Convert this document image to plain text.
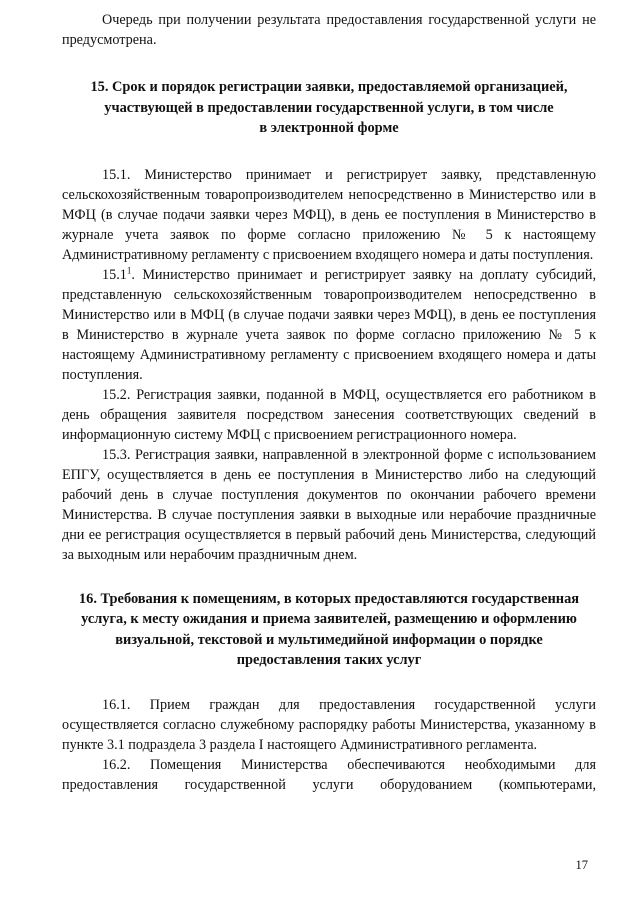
Очередь при получении результата предоставления государственной услуги не предусмотрена.

15. Срок и порядок регистрации заявки, предоставляемой организацией,
участвующей в предоставлении государственной услуги, в том числе
в электронной форме

15.1. Министерство принимает и регистрирует заявку, представленную сельскохозяйственным товаропроизводителем непосредственно в Министерство или в МФЦ (в случае подачи заявки через МФЦ), в день ее поступления в Министерство в журнале учета заявок по форме согласно приложению № 5 к настоящему Административному регламенту с присвоением входящего номера и даты поступления.

15.1$^1$. Министерство принимает и регистрирует заявку на доплату субсидий, представленную сельскохозяйственным товаропроизводителем непосредственно в Министерство или в МФЦ (в случае подачи заявки через МФЦ), в день ее поступления в Министерство в журнале учета заявок по форме согласно приложению № 5 к настоящему Административному регламенту с присвоением входящего номера и даты поступления.

15.2. Регистрация заявки, поданной в МФЦ, осуществляется его работником в день обращения заявителя посредством занесения соответствующих сведений в информационную систему МФЦ с присвоением регистрационного номера.

15.3. Регистрация заявки, направленной в электронной форме с использованием ЕПГУ, осуществляется в день ее поступления в Министерство либо на следующий рабочий день в случае поступления документов по окончании рабочего времени Министерства. В случае поступления заявки в выходные или нерабочие праздничные дни ее регистрация осуществляется в первый рабочий день Министерства, следующий за выходным или нерабочим праздничным днем.

16. Требования к помещениям, в которых предоставляются государственная
услуга, к месту ожидания и приема заявителей, размещению и оформлению
визуальной, текстовой и мультимедийной информации о порядке
предоставления таких услуг

16.1. Прием граждан для предоставления государственной услуги осуществляется согласно служебному распорядку работы Министерства, указанному в пункте 3.1 подраздела 3 раздела I настоящего Административного регламента.

16.2. Помещения Министерства обеспечиваются необходимыми для предоставления государственной услуги оборудованием (компьютерами,

17
